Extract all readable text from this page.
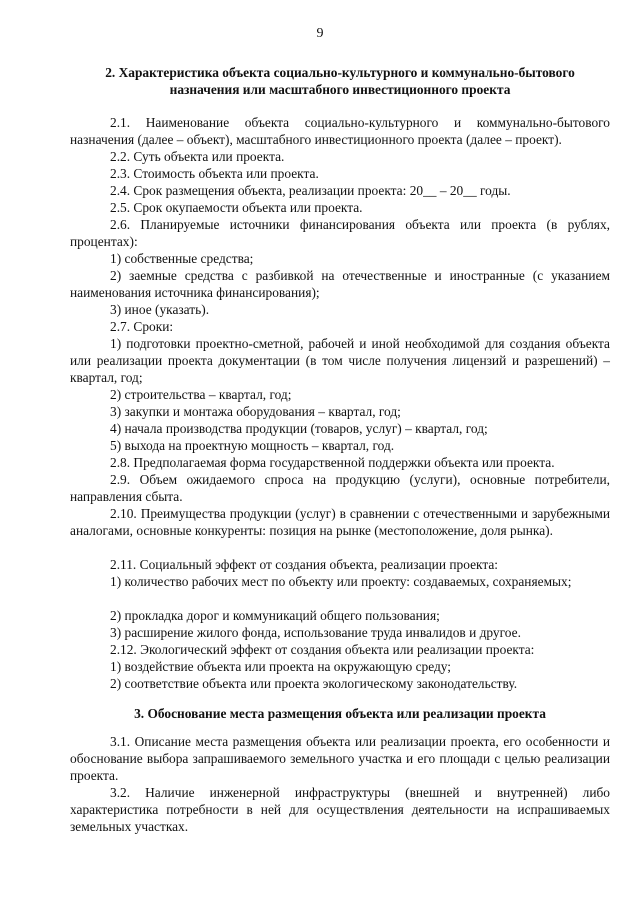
9
2. Характеристика объекта социально-культурного и коммунально-бытового назначения или масштабного инвестиционного проекта
2.1. Наименование объекта социально-культурного и коммунально-бытового назначения (далее – объект), масштабного инвестиционного проекта (далее – проект).
2.2. Суть объекта или проекта.
2.3. Стоимость объекта или проекта.
2.4. Срок размещения объекта, реализации проекта: 20__ – 20__ годы.
2.5. Срок окупаемости объекта или проекта.
2.6. Планируемые источники финансирования объекта или проекта (в рублях, процентах):
1) собственные средства;
2) заемные средства с разбивкой на отечественные и иностранные (с указанием наименования источника финансирования);
3) иное (указать).
2.7. Сроки:
1) подготовки проектно-сметной, рабочей и иной необходимой для создания объекта или реализации проекта документации (в том числе получения лицензий и разрешений) – квартал, год;
2) строительства – квартал, год;
3) закупки и монтажа оборудования – квартал, год;
4) начала производства продукции (товаров, услуг) – квартал, год;
5) выхода на проектную мощность – квартал, год.
2.8. Предполагаемая форма государственной поддержки объекта или проекта.
2.9. Объем ожидаемого спроса на продукцию (услуги), основные потребители, направления сбыта.
2.10. Преимущества продукции (услуг) в сравнении с отечественными и зарубежными аналогами, основные конкуренты: позиция на рынке (местоположение, доля рынка).
2.11. Социальный эффект от создания объекта, реализации проекта:
1) количество рабочих мест по объекту или проекту: создаваемых, сохраняемых;
2) прокладка дорог и коммуникаций общего пользования;
3) расширение жилого фонда, использование труда инвалидов и другое.
2.12. Экологический эффект от создания объекта или реализации проекта:
1) воздействие объекта или проекта на окружающую среду;
2) соответствие объекта или проекта экологическому законодательству.
3. Обоснование места размещения объекта или реализации проекта
3.1. Описание места размещения объекта или реализации проекта, его особенности и обоснование выбора запрашиваемого земельного участка и его площади с целью реализации проекта.
3.2. Наличие инженерной инфраструктуры (внешней и внутренней) либо характеристика потребности в ней для осуществления деятельности на испрашиваемых земельных участках.
